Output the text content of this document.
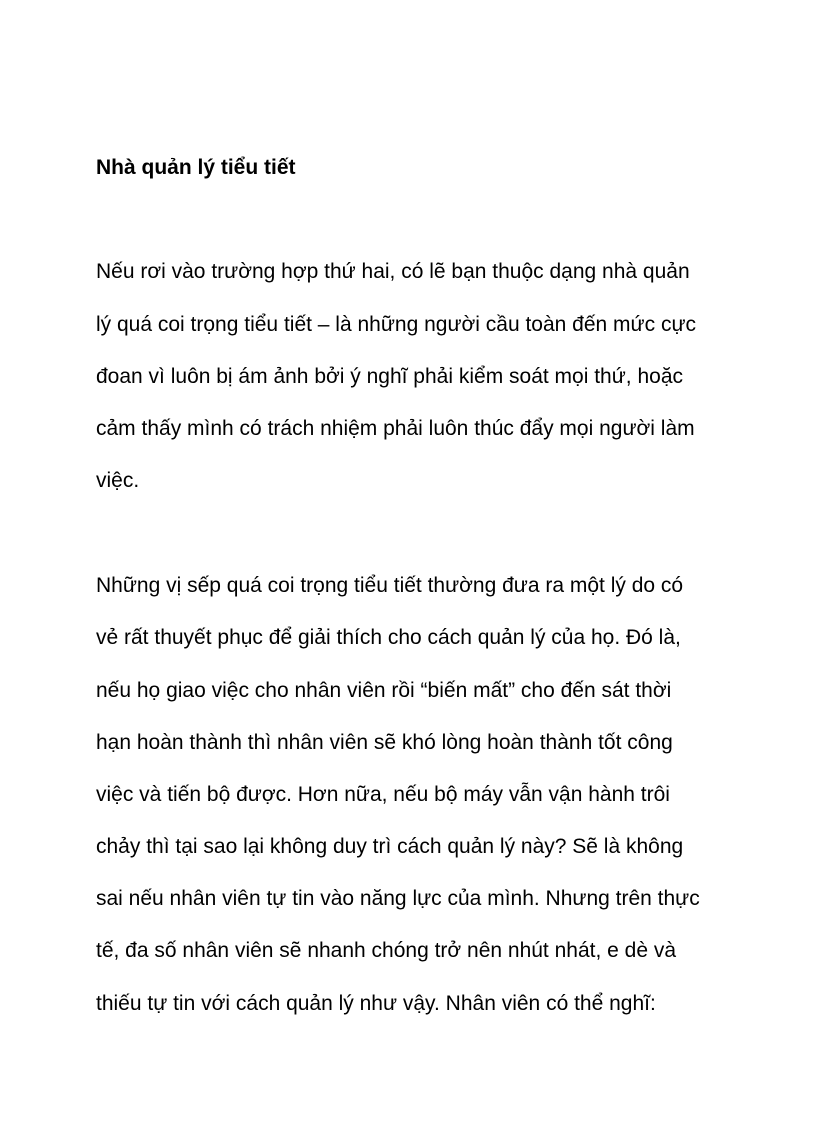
Nhà quản lý tiểu tiết
Nếu rơi vào trường hợp thứ hai, có lẽ bạn thuộc dạng nhà quản
lý quá coi trọng tiểu tiết – là những người cầu toàn đến mức cực
đoan vì luôn bị ám ảnh bởi ý nghĩ phải kiểm soát mọi thứ, hoặc
cảm thấy mình có trách nhiệm phải luôn thúc đẩy mọi người làm
việc.
Những vị sếp quá coi trọng tiểu tiết thường đưa ra một lý do có
vẻ rất thuyết phục để giải thích cho cách quản lý của họ. Đó là,
nếu họ giao việc cho nhân viên rồi “biến mất” cho đến sát thời
hạn hoàn thành thì nhân viên sẽ khó lòng hoàn thành tốt công
việc và tiến bộ được. Hơn nữa, nếu bộ máy vẫn vận hành trôi
chảy thì tại sao lại không duy trì cách quản lý này? Sẽ là không
sai nếu nhân viên tự tin vào năng lực của mình. Nhưng trên thực
tế, đa số nhân viên sẽ nhanh chóng trở nên nhút nhát, e dè và
thiếu tự tin với cách quản lý như vậy. Nhân viên có thể nghĩ:
